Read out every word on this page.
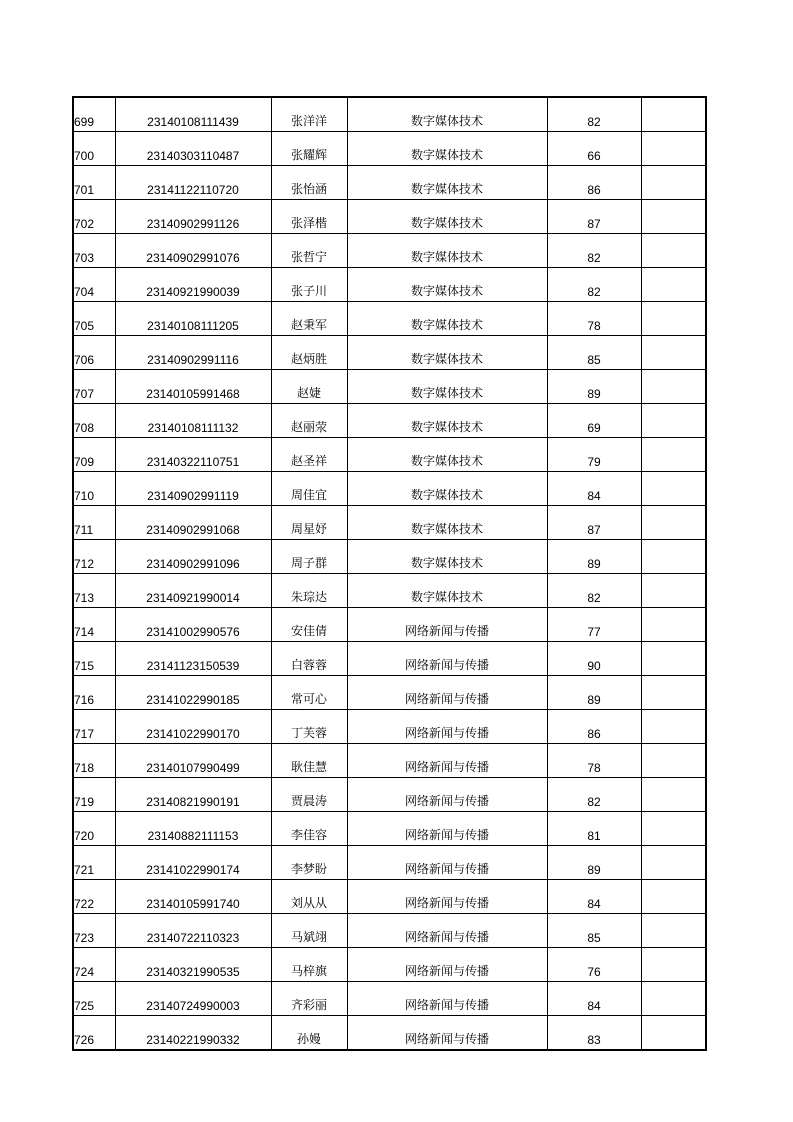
699	23140108111439	张洋洋	数字媒体技术	82	
700	23140303110487	张耀辉	数字媒体技术	66	
701	23141122110720	张怡涵	数字媒体技术	86	
702	23140902991126	张泽楷	数字媒体技术	87	
703	23140902991076	张哲宁	数字媒体技术	82	
704	23140921990039	张子川	数字媒体技术	82	
705	23140108111205	赵秉军	数字媒体技术	78	
706	23140902991116	赵炳胜	数字媒体技术	85	
707	23140105991468	赵婕	数字媒体技术	89	
708	23140108111132	赵丽荥	数字媒体技术	69	
709	23140322110751	赵圣祥	数字媒体技术	79	
710	23140902991119	周佳宜	数字媒体技术	84	
711	23140902991068	周星妤	数字媒体技术	87	
712	23140902991096	周子群	数字媒体技术	89	
713	23140921990014	朱琮达	数字媒体技术	82	
714	23141002990576	安佳倩	网络新闻与传播	77	
715	23141123150539	白蓉蓉	网络新闻与传播	90	
716	23141022990185	常可心	网络新闻与传播	89	
717	23141022990170	丁芙蓉	网络新闻与传播	86	
718	23140107990499	耿佳慧	网络新闻与传播	78	
719	23140821990191	贾晨涛	网络新闻与传播	82	
720	23140882111153	李佳容	网络新闻与传播	81	
721	23141022990174	李梦盼	网络新闻与传播	89	
722	23140105991740	刘从从	网络新闻与传播	84	
723	23140722110323	马斌翊	网络新闻与传播	85	
724	23140321990535	马梓旗	网络新闻与传播	76	
725	23140724990003	齐彩丽	网络新闻与传播	84	
726	23140221990332	孙嫚	网络新闻与传播	83	
